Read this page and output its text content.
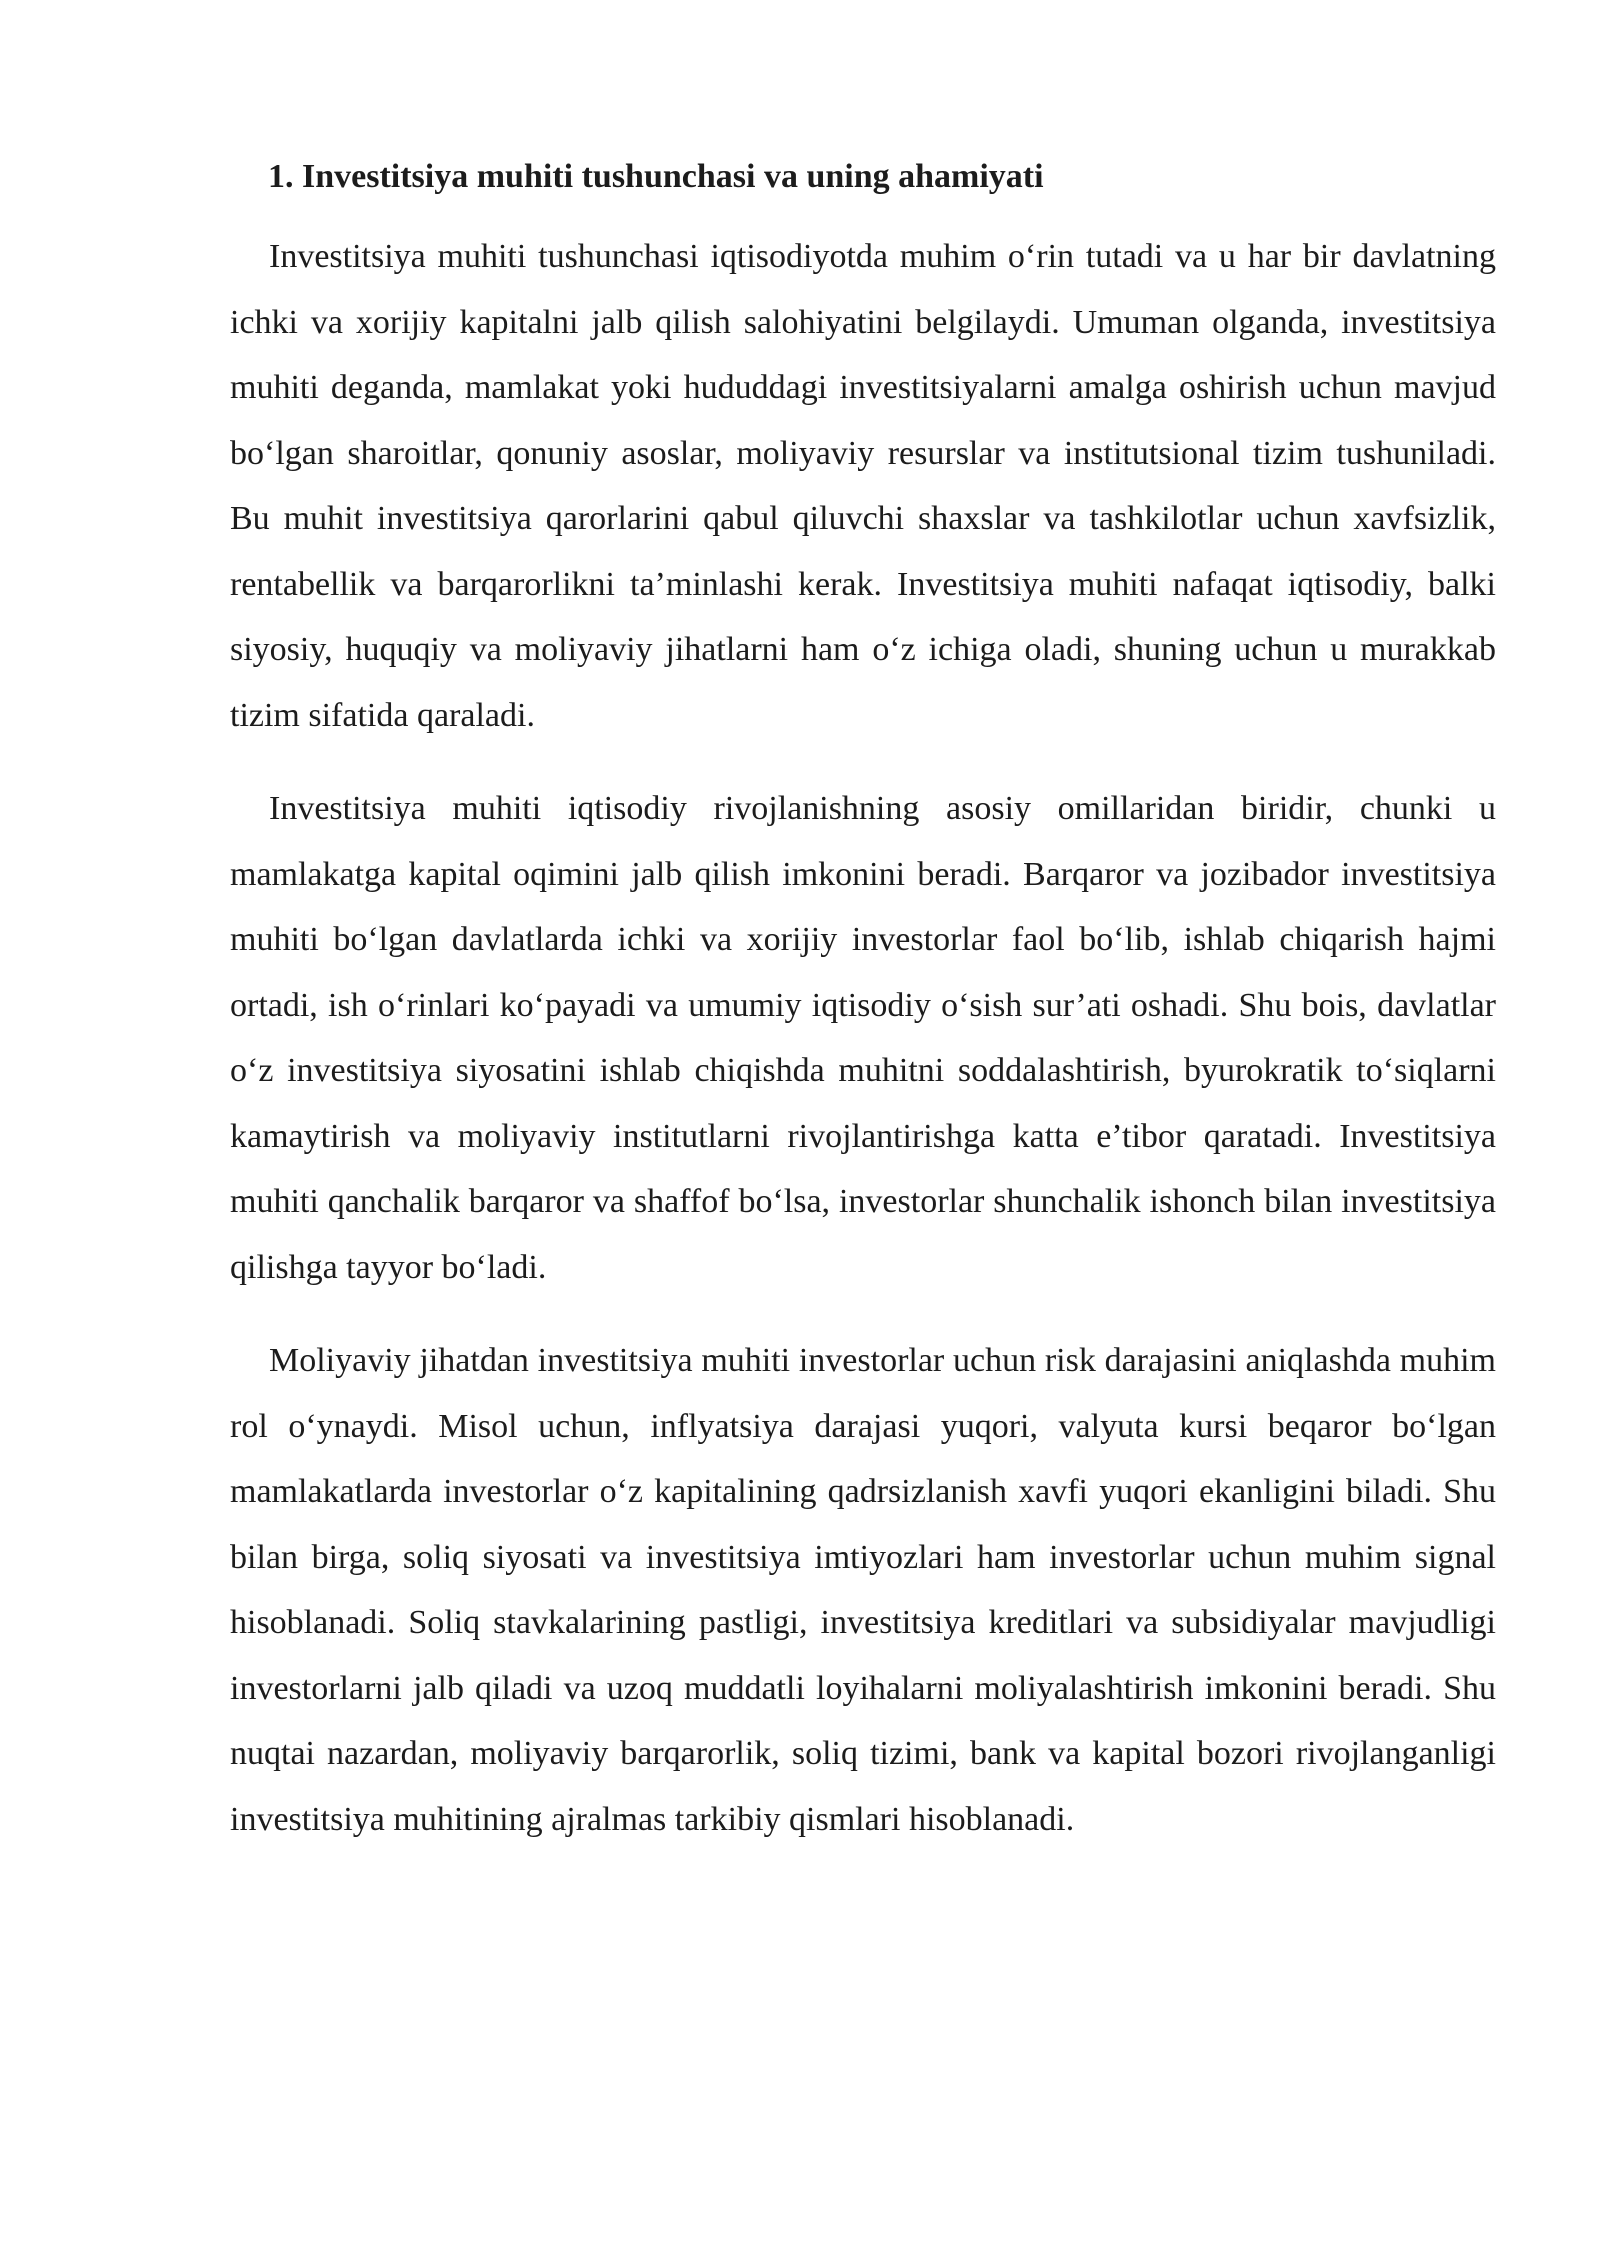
1. Investitsiya muhiti tushunchasi va uning ahamiyati

Investitsiya muhiti tushunchasi iqtisodiyotda muhim o‘rin tutadi va u har bir davlatning ichki va xorijiy kapitalni jalb qilish salohiyatini belgilaydi. Umuman olganda, investitsiya muhiti deganda, mamlakat yoki hududdagi investitsiyalarni amalga oshirish uchun mavjud bo‘lgan sharoitlar, qonuniy asoslar, moliyaviy resurslar va institutsional tizim tushuniladi. Bu muhit investitsiya qarorlarini qabul qiluvchi shaxslar va tashkilotlar uchun xavfsizlik, rentabellik va barqarorlikni ta’minlashi kerak. Investitsiya muhiti nafaqat iqtisodiy, balki siyosiy, huquqiy va moliyaviy jihatlarni ham o‘z ichiga oladi, shuning uchun u murakkab tizim sifatida qaraladi.

Investitsiya muhiti iqtisodiy rivojlanishning asosiy omillaridan biridir, chunki u mamlakatga kapital oqimini jalb qilish imkonini beradi. Barqaror va jozibador investitsiya muhiti bo‘lgan davlatlarda ichki va xorijiy investorlar faol bo‘lib, ishlab chiqarish hajmi ortadi, ish o‘rinlari ko‘payadi va umumiy iqtisodiy o‘sish sur’ati oshadi. Shu bois, davlatlar o‘z investitsiya siyosatini ishlab chiqishda muhitni soddalashtirish, byurokratik to‘siqlarni kamaytirish va moliyaviy institutlarni rivojlantirishga katta e’tibor qaratadi. Investitsiya muhiti qanchalik barqaror va shaffof bo‘lsa, investorlar shunchalik ishonch bilan investitsiya qilishga tayyor bo‘ladi.

Moliyaviy jihatdan investitsiya muhiti investorlar uchun risk darajasini aniqlashda muhim rol o‘ynaydi. Misol uchun, inflyatsiya darajasi yuqori, valyuta kursi beqaror bo‘lgan mamlakatlarda investorlar o‘z kapitalining qadrsizlanish xavfi yuqori ekanligini biladi. Shu bilan birga, soliq siyosati va investitsiya imtiyozlari ham investorlar uchun muhim signal hisoblanadi. Soliq stavkalarining pastligi, investitsiya kreditlari va subsidiyalar mavjudligi investorlarni jalb qiladi va uzoq muddatli loyihalarni moliyalashtirish imkonini beradi. Shu nuqtai nazardan, moliyaviy barqarorlik, soliq tizimi, bank va kapital bozori rivojlanganligi investitsiya muhitining ajralmas tarkibiy qismlari hisoblanadi.
